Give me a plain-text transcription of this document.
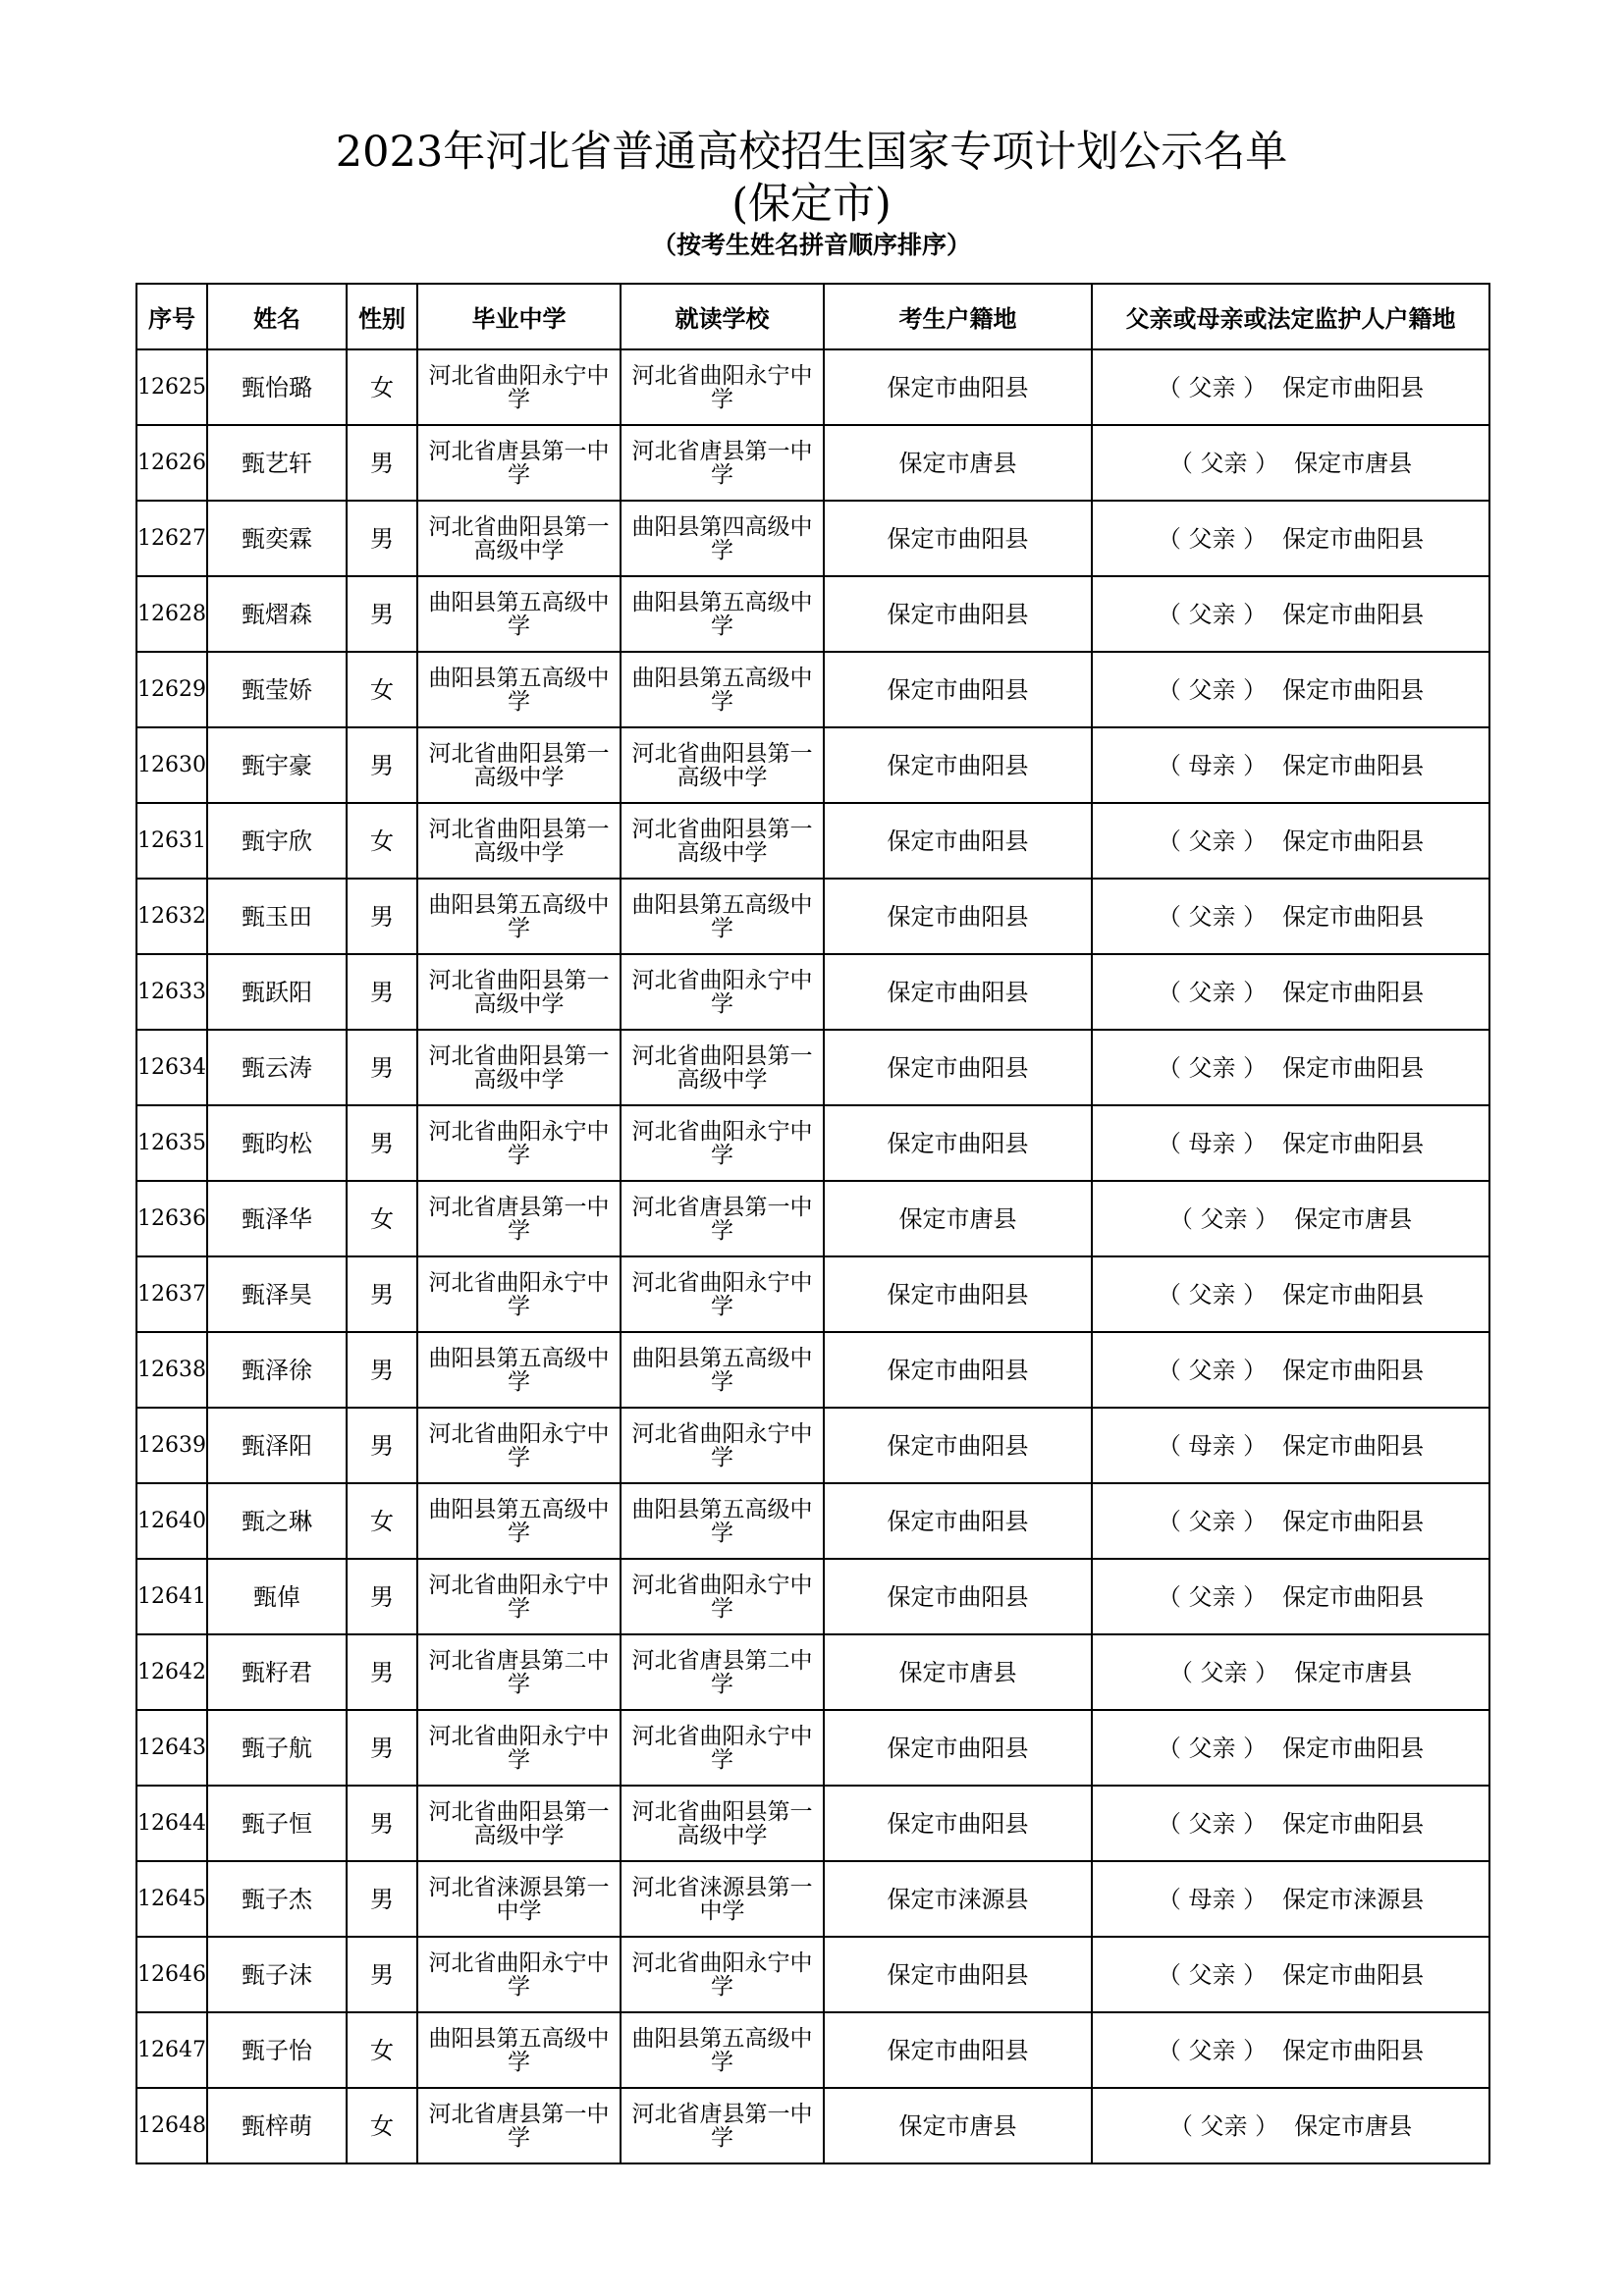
2023年河北省普通高校招生国家专项计划公示名单
(保定市)
（按考生姓名拼音顺序排序）
序号	姓名	性别	毕业中学	就读学校	考生户籍地	父亲或母亲或法定监护人户籍地
12625	甄怡璐	女	河北省曲阳永宁中学	河北省曲阳永宁中学	保定市曲阳县	（ 父亲 ） 保定市曲阳县
12626	甄艺轩	男	河北省唐县第一中学	河北省唐县第一中学	保定市唐县	（ 父亲 ） 保定市唐县
12627	甄奕霖	男	河北省曲阳县第一高级中学	曲阳县第四高级中学	保定市曲阳县	（ 父亲 ） 保定市曲阳县
12628	甄熠森	男	曲阳县第五高级中学	曲阳县第五高级中学	保定市曲阳县	（ 父亲 ） 保定市曲阳县
12629	甄莹娇	女	曲阳县第五高级中学	曲阳县第五高级中学	保定市曲阳县	（ 父亲 ） 保定市曲阳县
12630	甄宇豪	男	河北省曲阳县第一高级中学	河北省曲阳县第一高级中学	保定市曲阳县	（ 母亲 ） 保定市曲阳县
12631	甄宇欣	女	河北省曲阳县第一高级中学	河北省曲阳县第一高级中学	保定市曲阳县	（ 父亲 ） 保定市曲阳县
12632	甄玉田	男	曲阳县第五高级中学	曲阳县第五高级中学	保定市曲阳县	（ 父亲 ） 保定市曲阳县
12633	甄跃阳	男	河北省曲阳县第一高级中学	河北省曲阳永宁中学	保定市曲阳县	（ 父亲 ） 保定市曲阳县
12634	甄云涛	男	河北省曲阳县第一高级中学	河北省曲阳县第一高级中学	保定市曲阳县	（ 父亲 ） 保定市曲阳县
12635	甄昀松	男	河北省曲阳永宁中学	河北省曲阳永宁中学	保定市曲阳县	（ 母亲 ） 保定市曲阳县
12636	甄泽华	女	河北省唐县第一中学	河北省唐县第一中学	保定市唐县	（ 父亲 ） 保定市唐县
12637	甄泽昊	男	河北省曲阳永宁中学	河北省曲阳永宁中学	保定市曲阳县	（ 父亲 ） 保定市曲阳县
12638	甄泽徐	男	曲阳县第五高级中学	曲阳县第五高级中学	保定市曲阳县	（ 父亲 ） 保定市曲阳县
12639	甄泽阳	男	河北省曲阳永宁中学	河北省曲阳永宁中学	保定市曲阳县	（ 母亲 ） 保定市曲阳县
12640	甄之琳	女	曲阳县第五高级中学	曲阳县第五高级中学	保定市曲阳县	（ 父亲 ） 保定市曲阳县
12641	甄倬	男	河北省曲阳永宁中学	河北省曲阳永宁中学	保定市曲阳县	（ 父亲 ） 保定市曲阳县
12642	甄籽君	男	河北省唐县第二中学	河北省唐县第二中学	保定市唐县	（ 父亲 ） 保定市唐县
12643	甄子航	男	河北省曲阳永宁中学	河北省曲阳永宁中学	保定市曲阳县	（ 父亲 ） 保定市曲阳县
12644	甄子恒	男	河北省曲阳县第一高级中学	河北省曲阳县第一高级中学	保定市曲阳县	（ 父亲 ） 保定市曲阳县
12645	甄子杰	男	河北省涞源县第一中学	河北省涞源县第一中学	保定市涞源县	（ 母亲 ） 保定市涞源县
12646	甄子沫	男	河北省曲阳永宁中学	河北省曲阳永宁中学	保定市曲阳县	（ 父亲 ） 保定市曲阳县
12647	甄子怡	女	曲阳县第五高级中学	曲阳县第五高级中学	保定市曲阳县	（ 父亲 ） 保定市曲阳县
12648	甄梓萌	女	河北省唐县第一中学	河北省唐县第一中学	保定市唐县	（ 父亲 ） 保定市唐县
